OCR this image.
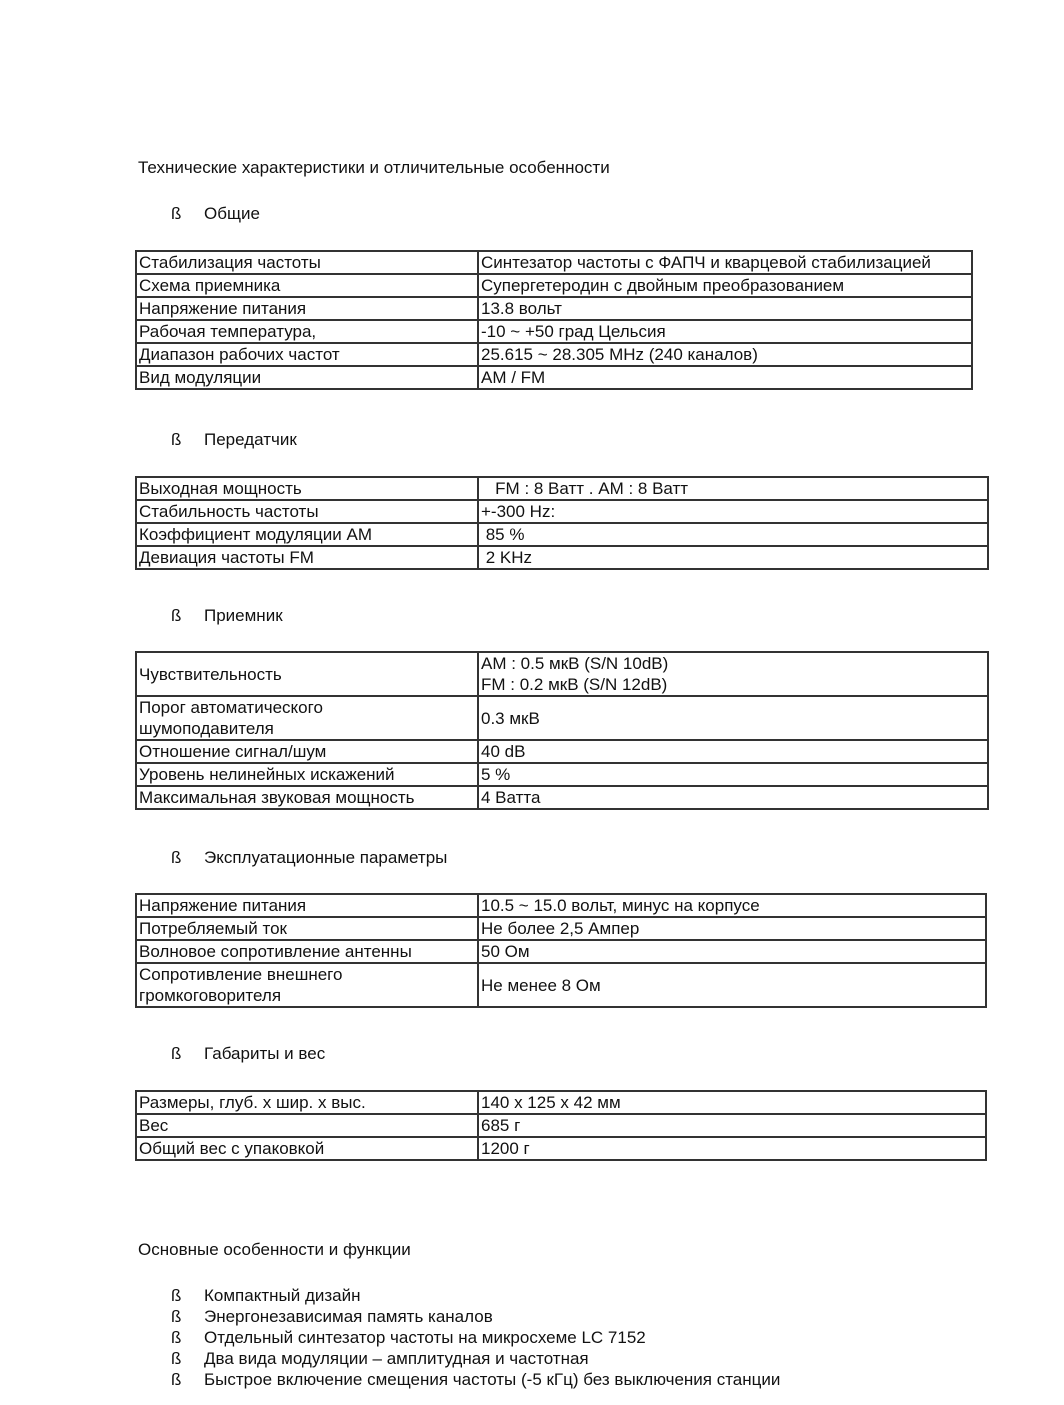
Технические характеристики и отличительные особенности
ß Общие
Стабилизация частоты	Синтезатор частоты с ФАПЧ и кварцевой стабилизацией
Схема приемника	Супергетеродин с двойным преобразованием
Напряжение питания	13.8 вольт
Рабочая температура,	-10 ~ +50 град Цельсия
Диапазон рабочих частот	25.615 ~ 28.305 MHz (240 каналов)
Вид модуляции	AM / FM
ß Передатчик
Выходная мощность	FM : 8 Ватт . AM : 8 Ватт
Стабильность частоты	+-300 Hz:
Коэффициент модуляции AM	85 %
Девиация частоты FM	2 KHz
ß Приемник
Чувствительность	AM : 0.5 мкВ (S/N 10dB)
FM : 0.2 мкВ (S/N 12dB)
Порог автоматического
шумоподавителя	0.3 мкВ
Отношение сигнал/шум	40 dB
Уровень нелинейных искажений	5 %
Максимальная звуковая мощность	4 Ватта
ß Эксплуатационные параметры
Напряжение питания	10.5 ~ 15.0 вольт, минус на корпусе
Потребляемый ток	Не более 2,5 Ампер
Волновое сопротивление антенны	50 Ом
Сопротивление внешнего
громкоговорителя	Не менее 8 Ом
ß Габариты и вес
Размеры, глуб. x шир. x выс.	140 x 125 x 42 мм
Вес	685 г
Общий вес с упаковкой	1200 г
Основные особенности и функции
ß Компактный дизайн
ß Энергонезависимая память каналов
ß Отдельный синтезатор частоты на микросхеме LC 7152
ß Два вида модуляции – амплитудная и частотная
ß Быстрое включение смещения частоты (-5 кГц) без выключения станции
